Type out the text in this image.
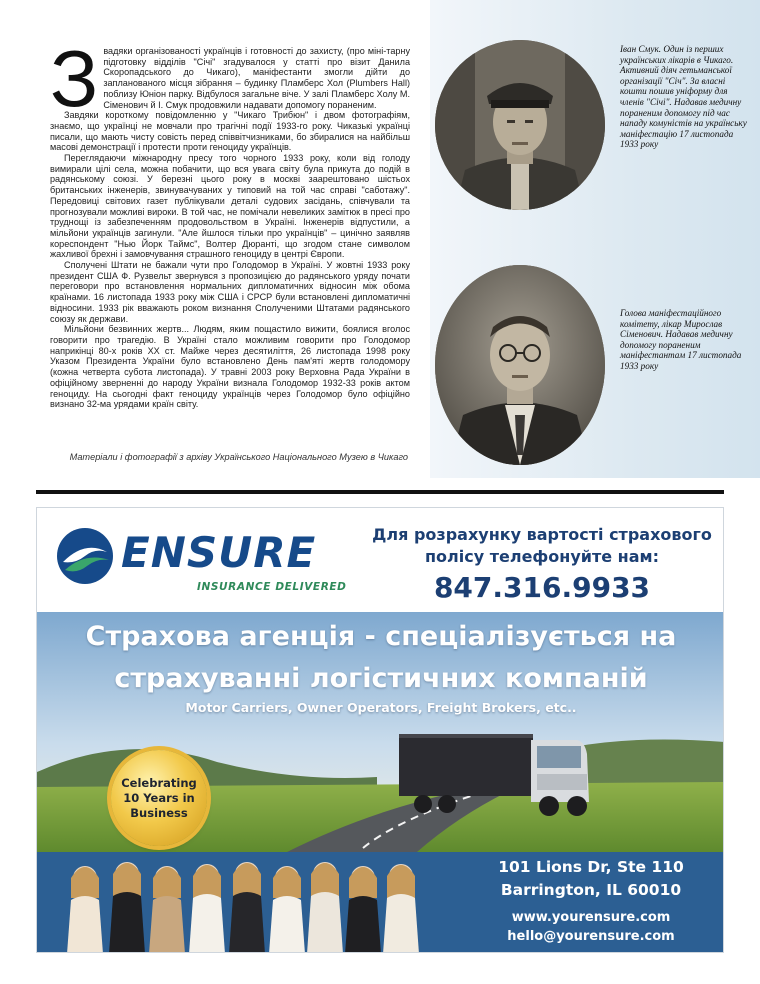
З вадяки організованості українців і готовності до захисту, (про міні-тарну підготовку відділів "Січі" згадувалося у статті про візит Данила Скоропадського до Чикаго), маніфестанти змогли дійти до запланованого місця зібрання – будинку Пламберс Хол (Plumbers Hall) поблизу Юніон парку. Відбулося загальне віче. У залі Пламберс Холу М. Сіменович й І. Смук продовжили надавати допомогу пораненим.

Завдяки короткому повідомленню у "Чикаго Трибюн" і двом фотографіям, знаємо, що українці не мовчали про трагічні події 1933-го року. Чиказькі українці писали, що мають чисту совість перед співвітчизниками, бо збиралися на найбільш масові демонстрації і протести проти геноциду українців.

Переглядаючи міжнародну пресу того чорного 1933 року, коли від голоду вимирали цілі села, можна побачити, що вся увага світу була прикута до подій в радянському союзі. У березні цього року в москві заарештовано шістьох британських інженерів, звинувачуваних у типовий на той час справі "саботажу". Передовиці світових газет публікували деталі судових засідань, співчували та прогнозували можливі вироки. В той час, не помічали невеликих замітюк в пресі про труднощі із забезпеченням продовольством в Україні. Інженерів відпустили, а мільйони українців загинули. "Але йшлося тільки про українців" – цинічно заявляв кореспондент "Нью Йорк Таймс", Волтер Дюранті, що згодом стане символом жахливої брехні і замовчування страшного геноциду в центрі Європи.

Сполучені Штати не бажали чути про Голодомор в Україні. У жовтні 1933 року президент США Ф. Рузвельт звернувся з пропозицією до радянського уряду почати переговори про встановлення нормальних дипломатичних відносин між обома країнами. 16 листопада 1933 року між США і СРСР були встановлені дипломатичні відносини. 1933 рік вважають роком визнання Сполученими Штатами радянського союзу як держави.

Мільйони безвинних жертв... Людям, яким пощастило вижити, боялися вголос говорити про трагедію. В Україні стало можливим говорити про Голодомор наприкінці 80-х років XX ст. Майже через десятиліття, 26 листопада 1998 року Указом Президента України було встановлено День пам'яті жертв голодомору (кожна четверта субота листопада). У травні 2003 року Верховна Рада України в офіційному зверненні до народу України визнала Голодомор 1932-33 років актом геноциду. На сьогодні факт геноциду українців через Голодомор було офіційно визнано 32-ма урядами країн світу.

Матеріали і фотографії з архіву Українського Національного Музею в Чикаго
Іван Смук. Один із перших українських лікарів в Чикаго. Активний діяч гетьманської організації "Січ". За власні кошти пошив уніформу для членів "Січі". Надавав медичну пораненим допомогу під час нападу комуністів на українську маніфестацію 17 листопада 1933 року
Голова маніфестаційного комітету, лікар Мирослав Сіменович. Надавав медичну допомогу пораненим маніфестантам 17 листопада 1933 року
ENSURE
INSURANCE DELIVERED
Для розрахунку вартості страхового полісу телефонуйте нам:
847.316.9933
Страхова агенція - спеціалізується на страхуванні логістичних компаній
Motor Carriers, Owner Operators, Freight Brokers, etc..
Celebrating 10 Years in Business
101 Lions Dr, Ste 110
Barrington, IL 60010
www.yourensure.com
hello@yourensure.com
